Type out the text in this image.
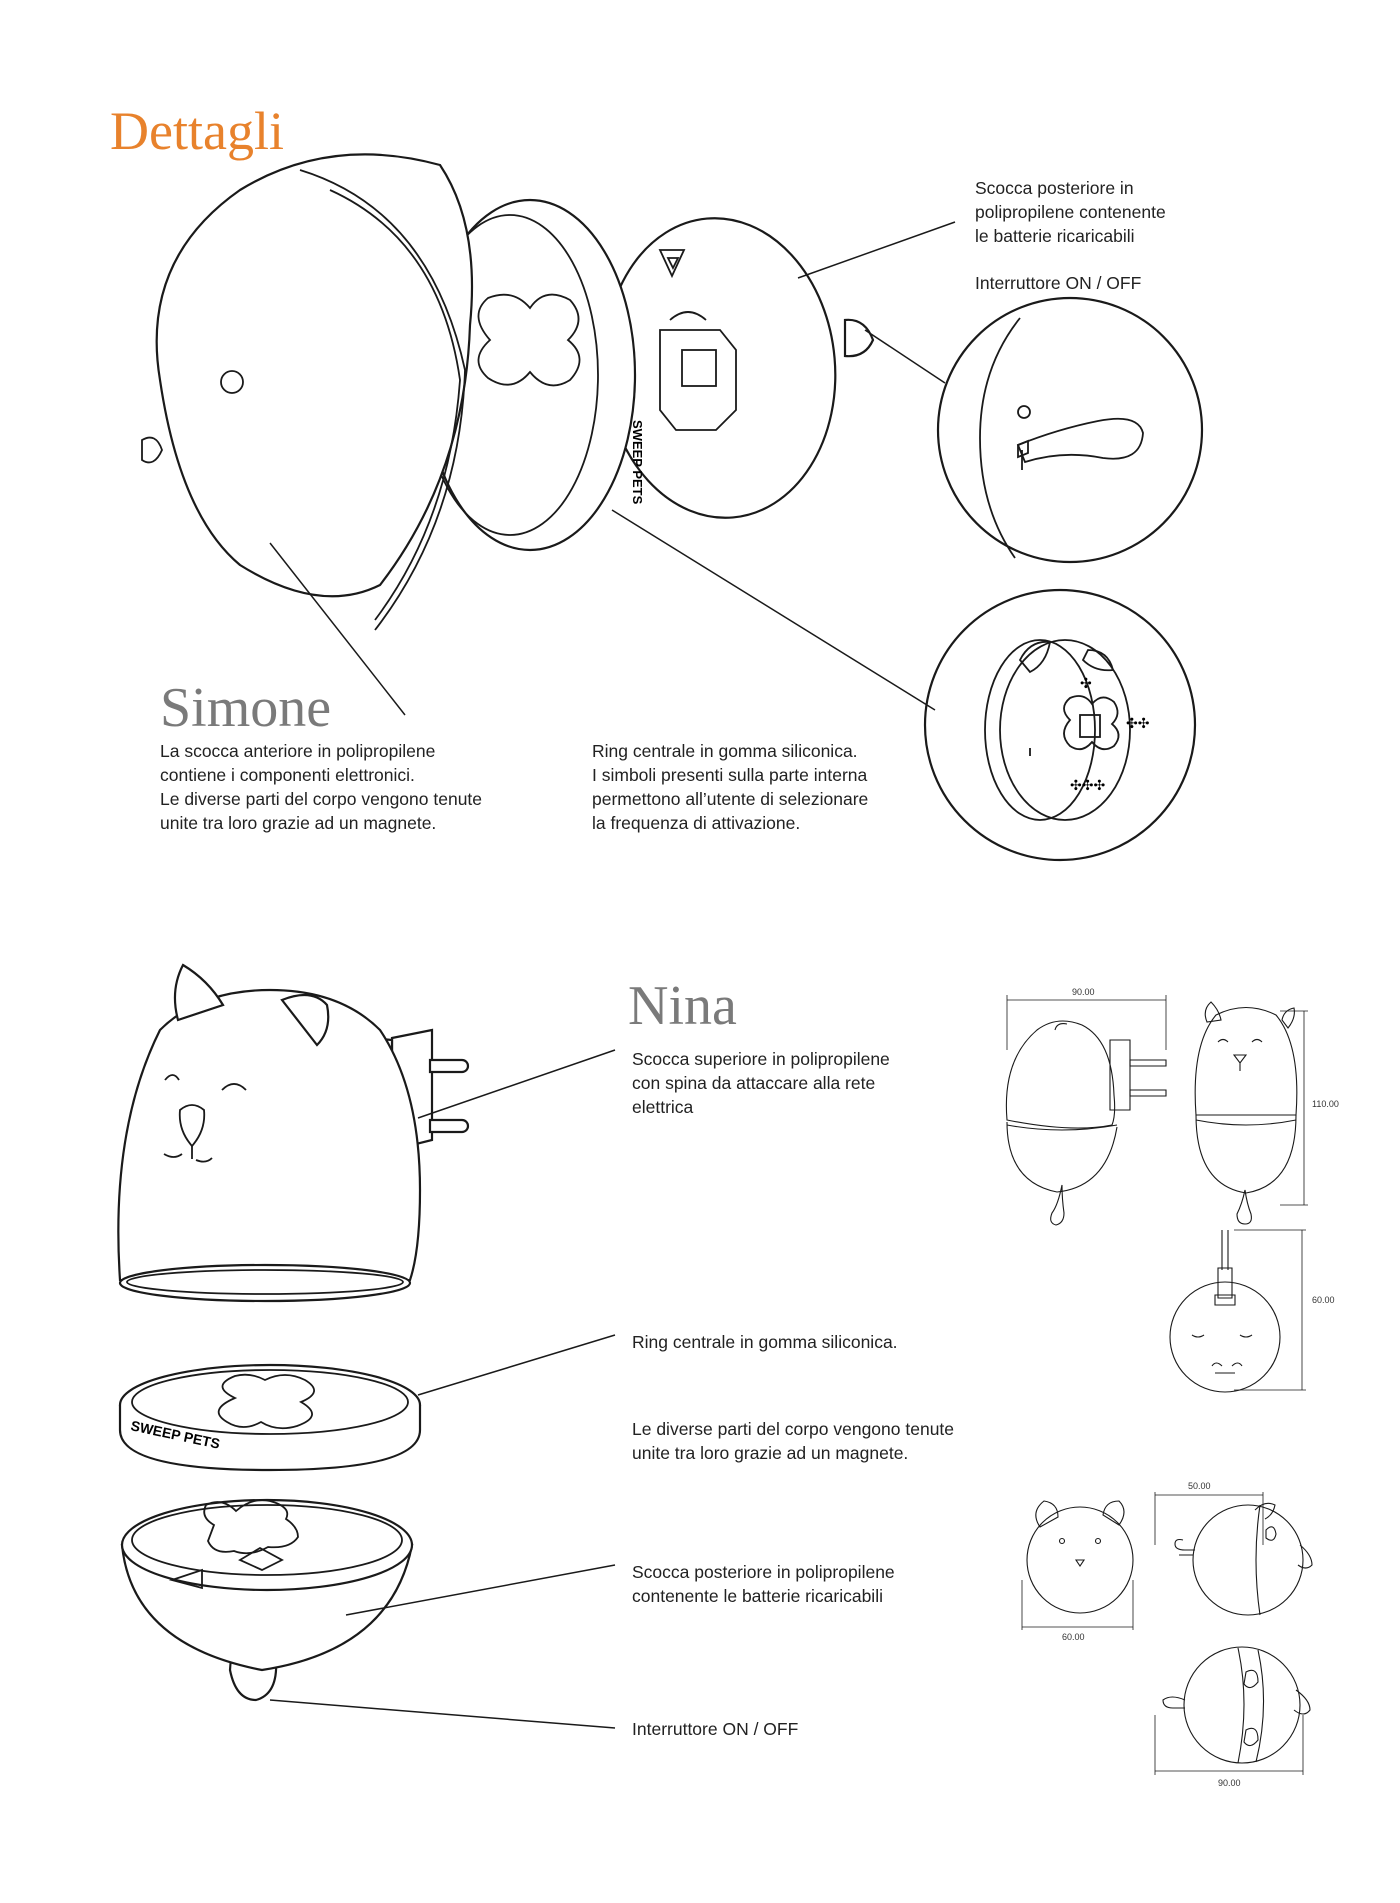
SWEEP PETS
✣
✣✣
✣✣✣
SWEEP PETS
Dettagli
Scocca posteriore in
polipropilene contenente
le batterie ricaricabili
Interruttore ON / OFF
Simone
La scocca anteriore in polipropilene
contiene i componenti elettronici.
Le diverse parti del corpo vengono tenute
unite tra loro grazie ad un magnete.
Ring centrale in gomma siliconica.
I simboli presenti sulla parte interna
permettono all’utente di selezionare
la frequenza di attivazione.
Nina
Scocca superiore in polipropilene
con spina da attaccare alla rete
elettrica
Ring centrale in gomma siliconica.
Le diverse parti del corpo vengono tenute
unite tra loro grazie ad un magnete.
Scocca posteriore in polipropilene
contenente le batterie ricaricabili
Interruttore ON / OFF
90.00
110.00
60.00
50.00
60.00
90.00
